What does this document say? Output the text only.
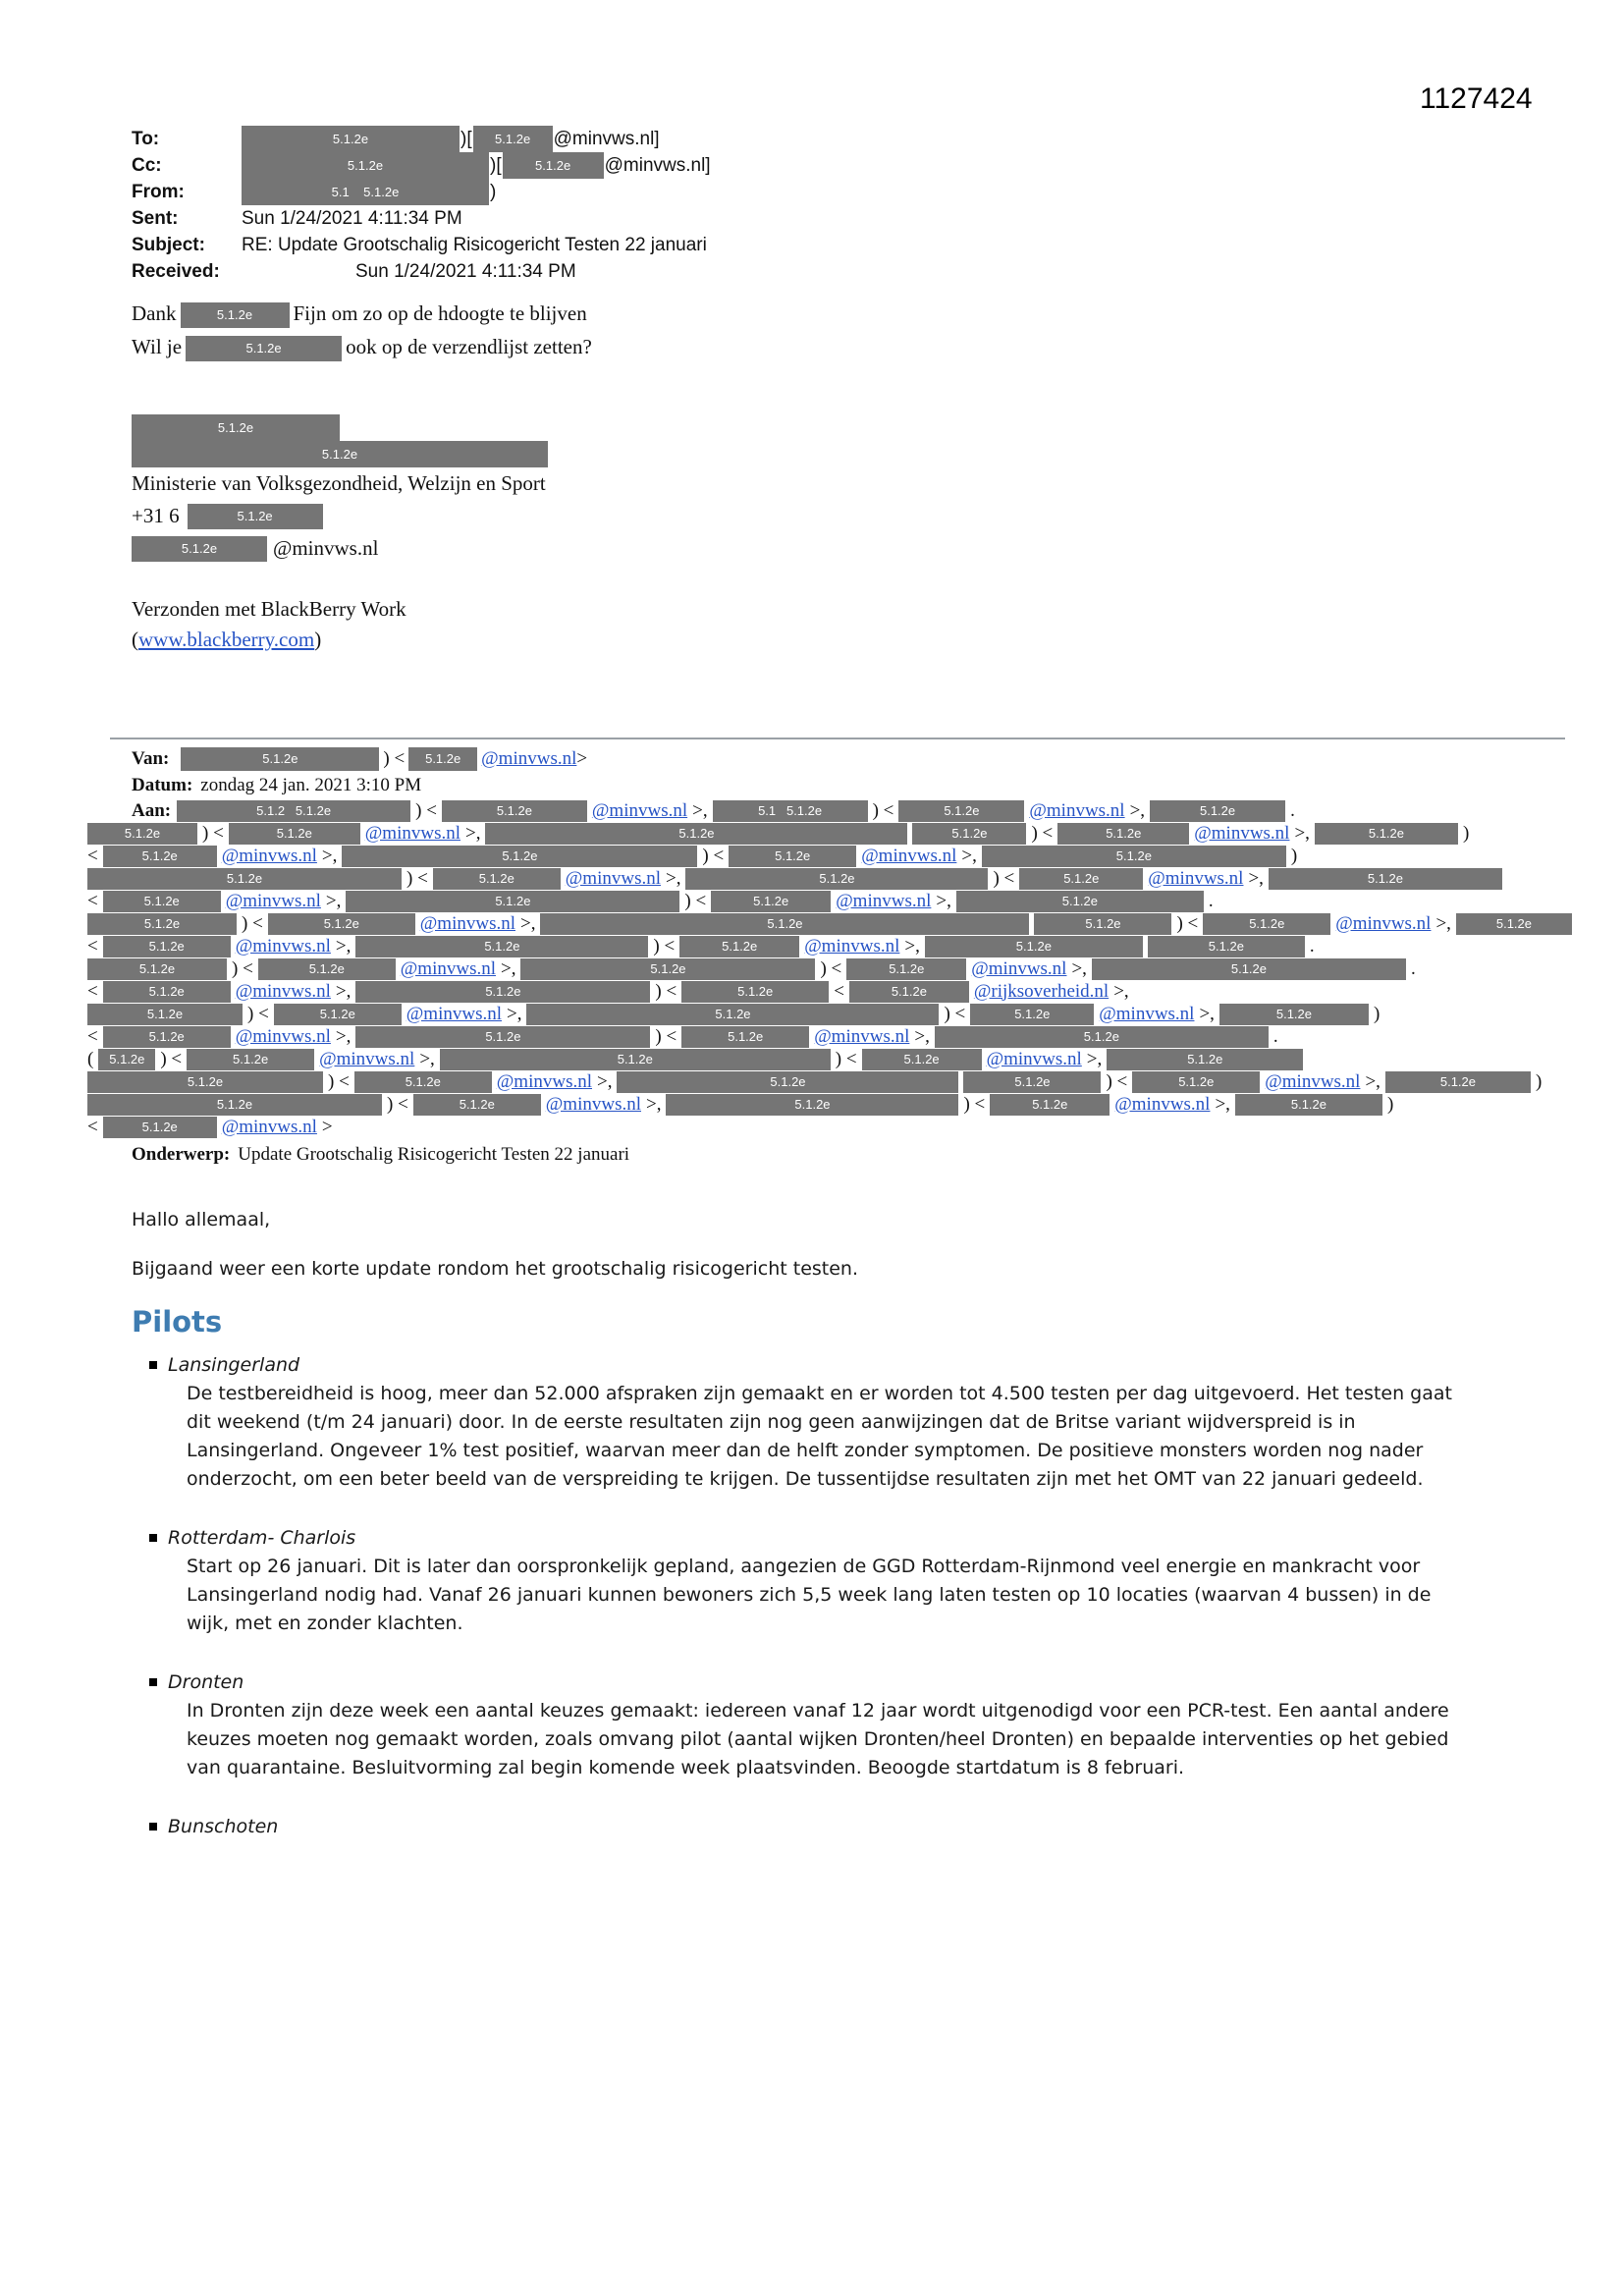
1127424
To:	5.1.2e	)[	5.1.2e	@minvws.nl]
Cc:	5.1.2e	)[	5.1.2e	@minvws.nl]
From:	5.1    5.1.2e	)
Sent:	Sun 1/24/2021 4:11:34 PM
Subject:	RE: Update Grootschalig Risicogericht Testen 22 januari
Received:	Sun 1/24/2021 4:11:34 PM
Dank	5.1.2e Fijn om zo op de hdoogte te blijven
Wil je	5.1.2e	ook op de verzendlijst zetten?
5.1.2e
5.1.2e
Ministerie van Volksgezondheid, Welzijn en Sport
+31 6	5.1.2e
5.1.2e	@minvws.nl
Verzonden met BlackBerry Work
(www.blackberry.com)
Van:	5.1.2e	) <	5.1.2e	@minvws.nl >
Datum: zondag 24 jan. 2021 3:10 PM
Aan:	5.1.2   5.1.2e	) <	5.1.2e	@minvws.nl >,	5.1   5.1.2e	) <	5.1.2e	@minvws.nl >,	5.1.2e	.
5.1.2e	) <	5.1.2e	@minvws.nl >,	5.1.2e	5.1.2e	) <	5.1.2e	@minvws.nl >,	5.1.2e	)
<	5.1.2e	@minvws.nl >,	5.1.2e	) <	5.1.2e	@minvws.nl >,	5.1.2e	)
5.1.2e	) <	5.1.2e	@minvws.nl >,	5.1.2e	) <	5.1.2e	@minvws.nl >,	5.1.2e
<	5.1.2e	@minvws.nl >,	5.1.2e	) <	5.1.2e	@minvws.nl >,	5.1.2e	.
5.1.2e	) <	5.1.2e	@minvws.nl >,	5.1.2e	5.1.2e	) <	5.1.2e	@minvws.nl >,	5.1.2e
<	5.1.2e	@minvws.nl >,	5.1.2e	) <	5.1.2e	@minvws.nl >,	5.1.2e	5.1.2e	.
5.1.2e	) <	5.1.2e	@minvws.nl >,	5.1.2e	) <	5.1.2e	@minvws.nl >,	5.1.2e	.
<	5.1.2e	@minvws.nl >,	5.1.2e	) <	5.1.2e	<	5.1.2e	@rijksoverheid.nl >,
5.1.2e	) <	5.1.2e	@minvws.nl >,	5.1.2e	) <	5.1.2e	@minvws.nl >,	5.1.2e	)
<	5.1.2e	@minvws.nl >,	5.1.2e	) <	5.1.2e	@minvws.nl >,	5.1.2e	.
(	5.1.2e ) <	5.1.2e	@minvws.nl >,	5.1.2e	) <	5.1.2e	@minvws.nl >,	5.1.2e
5.1.2e	) <	5.1.2e	@minvws.nl >,	5.1.2e	5.1.2e	) <	5.1.2e	@minvws.nl >,	5.1.2e	)
5.1.2e	) <	5.1.2e	@minvws.nl >,	5.1.2e	) <	5.1.2e	@minvws.nl >,	5.1.2e	)
<	5.1.2e	@minvws.nl >
Onderwerp: Update Grootschalig Risicogericht Testen 22 januari
Hallo allemaal,
Bijgaand weer een korte update rondom het grootschalig risicogericht testen.
Pilots
Lansingerland
De testbereidheid is hoog, meer dan 52.000 afspraken zijn gemaakt en er worden tot 4.500 testen per dag uitgevoerd. Het testen gaat dit weekend (t/m 24 januari) door. In de eerste resultaten zijn nog geen aanwijzingen dat de Britse variant wijdverspreid is in Lansingerland. Ongeveer 1% test positief, waarvan meer dan de helft zonder symptomen. De positieve monsters worden nog nader onderzocht, om een beter beeld van de verspreiding te krijgen. De tussentijdse resultaten zijn met het OMT van 22 januari gedeeld.
Rotterdam- Charlois
Start op 26 januari. Dit is later dan oorspronkelijk gepland, aangezien de GGD Rotterdam-Rijnmond veel energie en mankracht voor Lansingerland nodig had. Vanaf 26 januari kunnen bewoners zich 5,5 week lang laten testen op 10 locaties (waarvan 4 bussen) in de wijk, met en zonder klachten.
Dronten
In Dronten zijn deze week een aantal keuzes gemaakt: iedereen vanaf 12 jaar wordt uitgenodigd voor een PCR-test. Een aantal andere keuzes moeten nog gemaakt worden, zoals omvang pilot (aantal wijken Dronten/heel Dronten) en bepaalde interventies op het gebied van quarantaine. Besluitvorming zal begin komende week plaatsvinden. Beoogde startdatum is 8 februari.
Bunschoten
